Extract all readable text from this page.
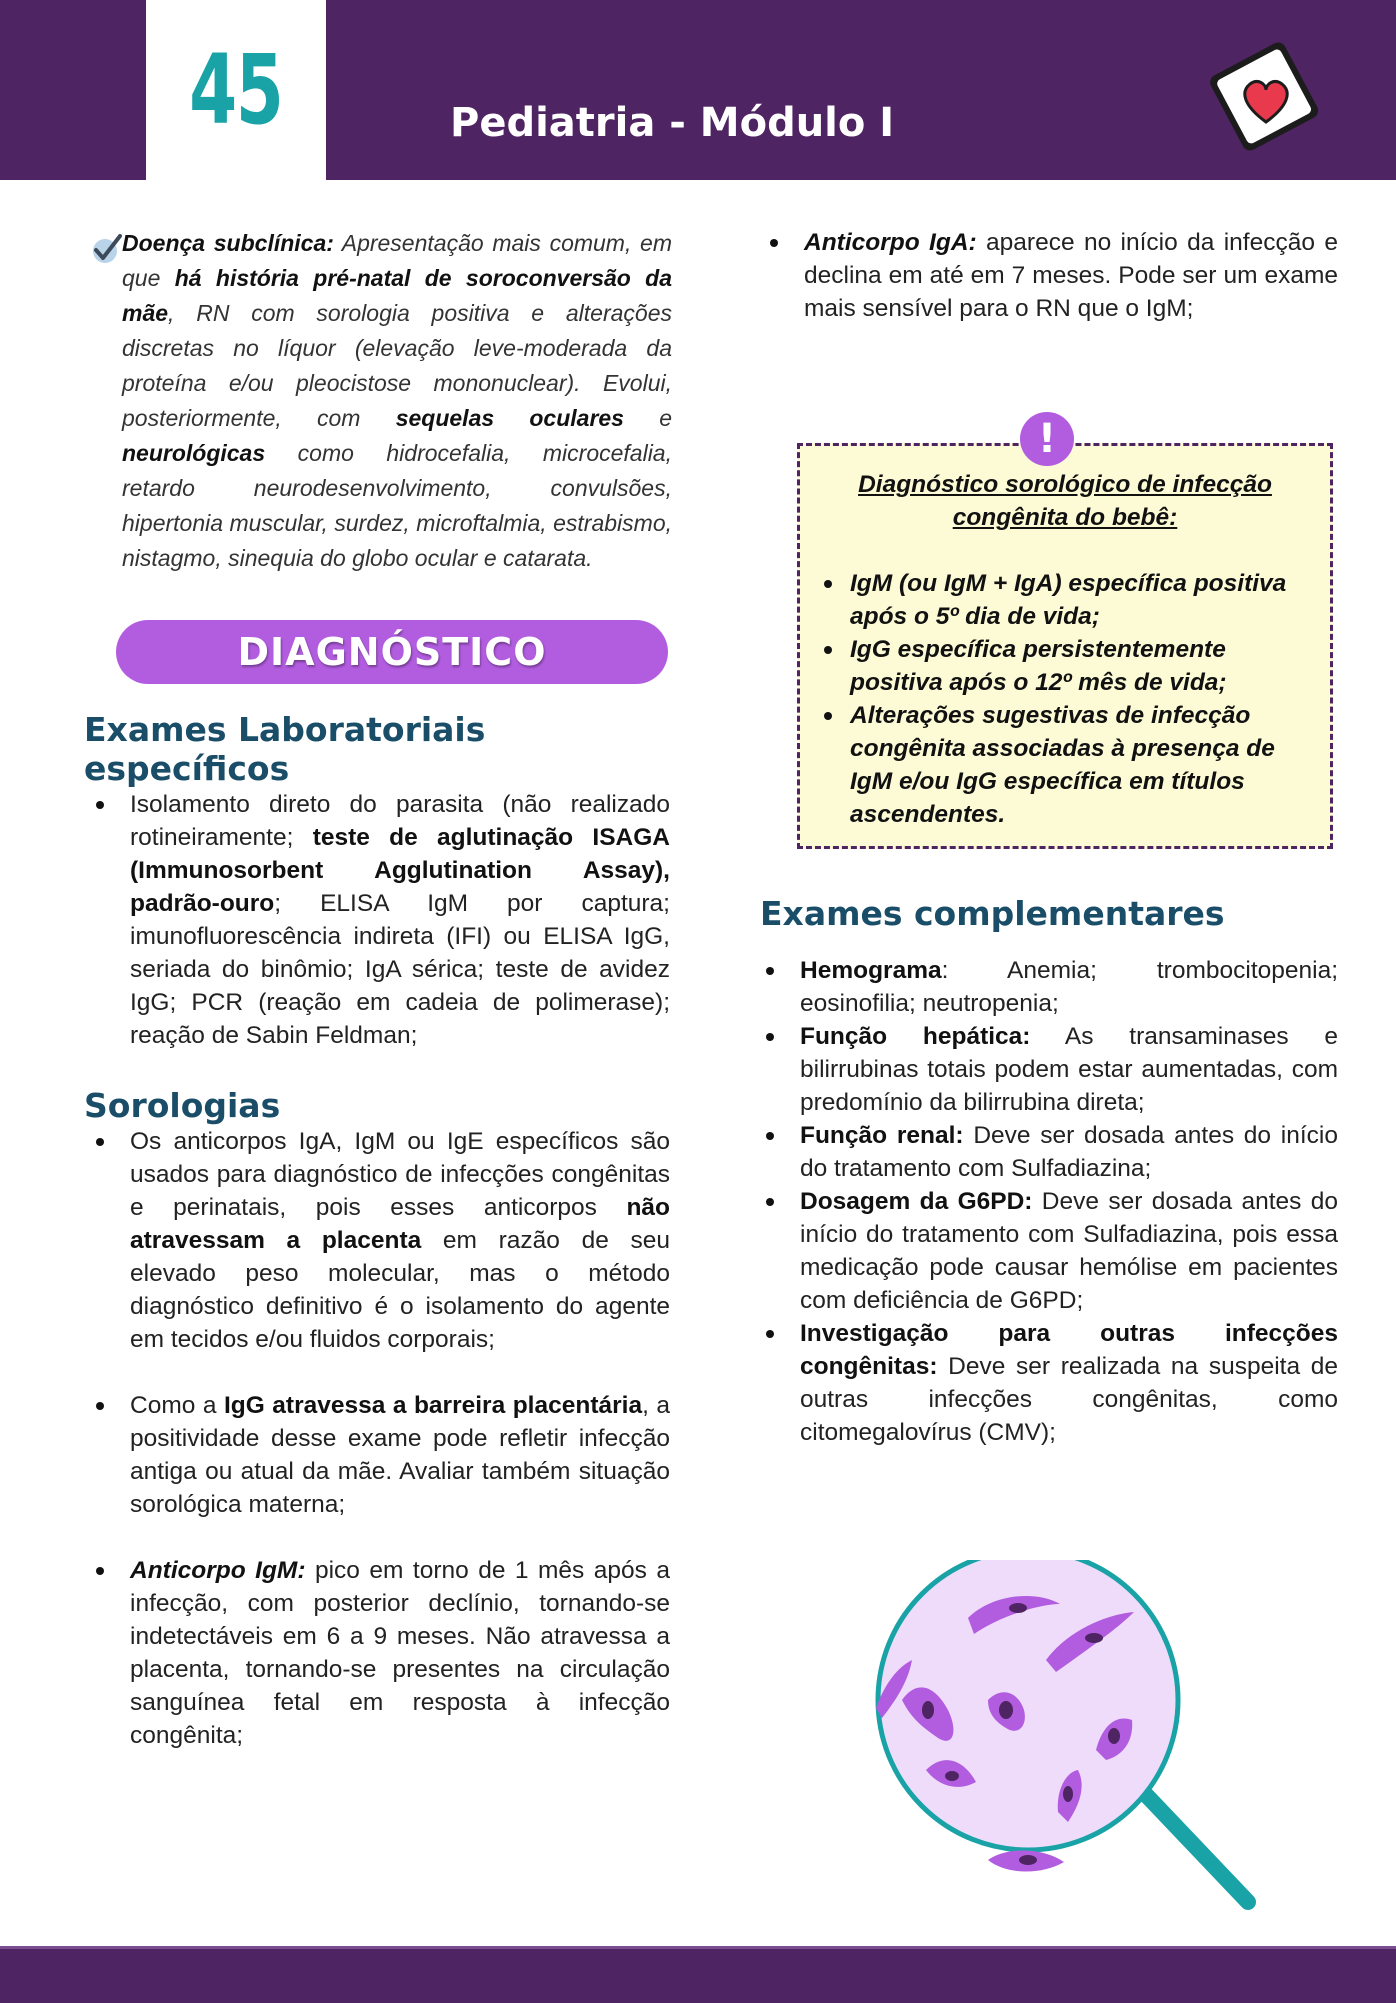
45	Pediatria - Módulo I
Doença subclínica: Apresentação mais comum, em que há história pré-natal de soroconversão da mãe, RN com sorologia positiva e alterações discretas no líquor (elevação leve-moderada da proteína e/ou pleocistose mononuclear). Evolui, posteriormente, com sequelas oculares e neurológicas como hidrocefalia, microcefalia, retardo neurodesenvolvimento, convulsões, hipertonia muscular, surdez, microftalmia, estrabismo, nistagmo, sinequia do globo ocular e catarata.
DIAGNÓSTICO
Exames Laboratoriais específicos
Isolamento direto do parasita (não realizado rotineiramente; teste de aglutinação ISAGA (Immunosorbent Agglutination Assay), padrão-ouro; ELISA IgM por captura; imunofluorescência indireta (IFI) ou ELISA IgG, seriada do binômio; IgA sérica; teste de avidez IgG; PCR (reação em cadeia de polimerase); reação de Sabin Feldman;
Sorologias
Os anticorpos IgA, IgM ou IgE específicos são usados para diagnóstico de infecções congênitas e perinatais, pois esses anticorpos não atravessam a placenta em razão de seu elevado peso molecular, mas o método diagnóstico definitivo é o isolamento do agente em tecidos e/ou fluidos corporais;
Como a IgG atravessa a barreira placentária, a positividade desse exame pode refletir infecção antiga ou atual da mãe. Avaliar também situação sorológica materna;
Anticorpo IgM: pico em torno de 1 mês após a infecção, com posterior declínio, tornando-se indetectáveis em 6 a 9 meses. Não atravessa a placenta, tornando-se presentes na circulação sanguínea fetal em resposta à infecção congênita;
Anticorpo IgA: aparece no início da infecção e declina em até em 7 meses. Pode ser um exame mais sensível para o RN que o IgM;
Diagnóstico sorológico de infecção congênita do bebê:
IgM (ou IgM + IgA) específica positiva após o 5º dia de vida;
IgG específica persistentemente positiva após o 12º mês de vida;
Alterações sugestivas de infecção congênita associadas à presença de IgM e/ou IgG específica em títulos ascendentes.
!
Exames complementares
Hemograma: Anemia; trombocitopenia; eosinofilia; neutropenia;
Função hepática: As transaminases e bilirrubinas totais podem estar aumentadas, com predomínio da bilirrubina direta;
Função renal: Deve ser dosada antes do início do tratamento com Sulfadiazina;
Dosagem da G6PD: Deve ser dosada antes do início do tratamento com Sulfadiazina, pois essa medicação pode causar hemólise em pacientes com deficiência de G6PD;
Investigação para outras infecções congênitas: Deve ser realizada na suspeita de outras infecções congênitas, como citomegalovírus (CMV);
